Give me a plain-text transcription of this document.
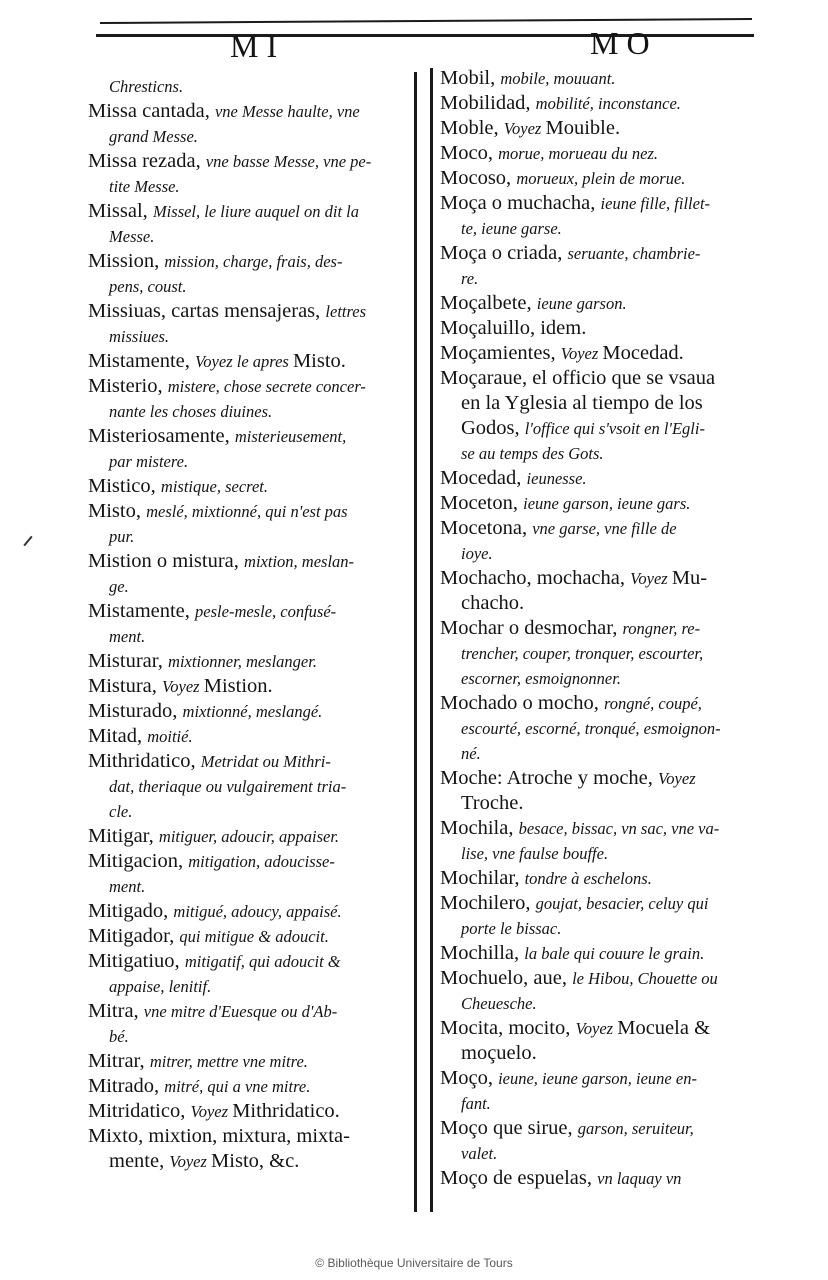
MI	MO
Chresticns.
Missa cantada, vne Messe haulte, vne
grand Messe.
Missa rezada, vne basse Messe, vne pe-
tite Messe.
Missal, Missel, le liure auquel on dit la
Messe.
Mission, mission, charge, frais, des-
pens, coust.
Missiuas, cartas mensajeras, lettres
missiues.
Mistamente, Voyez le apres Misto.
Misterio, mistere, chose secrete concer-
nante les choses diuines.
Misteriosamente, misterieusement,
par mistere.
Mistico, mistique, secret.
Misto, meslé, mixtionné, qui n'est pas
pur.
Mistion o mistura, mixtion, meslan-
ge.
Mistamente, pesle-mesle, confusé-
ment.
Misturar, mixtionner, meslanger.
Mistura, Voyez Mistion.
Misturado, mixtionné, meslangé.
Mitad, moitié.
Mithridatico, Metridat ou Mithri-
dat, theriaque ou vulgairement tria-
cle.
Mitigar, mitiguer, adoucir, appaiser.
Mitigacion, mitigation, adoucisse-
ment.
Mitigado, mitigué, adoucy, appaisé.
Mitigador, qui mitigue & adoucit.
Mitigatiuo, mitigatif, qui adoucit &
appaise, lenitif.
Mitra, vne mitre d'Euesque ou d'Ab-
bé.
Mitrar, mitrer, mettre vne mitre.
Mitrado, mitré, qui a vne mitre.
Mitridatico, Voyez Mithridatico.
Mixto, mixtion, mixtura, mixta-
mente, Voyez Misto, &c.
Mobil, mobile, mouuant.
Mobilidad, mobilité, inconstance.
Moble, Voyez Mouible.
Moco, morue, morueau du nez.
Mocoso, morueux, plein de morue.
Moça o muchacha, ieune fille, fillet-
te, ieune garse.
Moça o criada, seruante, chambrie-
re.
Moçalbete, ieune garson.
Moçaluillo, idem.
Moçamientes, Voyez Mocedad.
Moçaraue, el officio que se vsaua
en la Yglesia al tiempo de los
Godos, l'office qui s'vsoit en l'Egli-
se au temps des Gots.
Mocedad, ieunesse.
Moceton, ieune garson, ieune gars.
Mocetona, vne garse, vne fille de
ioye.
Mochacho, mochacha, Voyez Mu-
chacho.
Mochar o desmochar, rongner, re-
trencher, couper, tronquer, escourter,
escorner, esmoignonner.
Mochado o mocho, rongné, coupé,
escourté, escorné, tronqué, esmoignon-
né.
Moche: Atroche y moche, Voyez
Troche.
Mochila, besace, bissac, vn sac, vne va-
lise, vne faulse bouffe.
Mochilar, tondre à eschelons.
Mochilero, goujat, besacier, celuy qui
porte le bissac.
Mochilla, la bale qui couure le grain.
Mochuelo, aue, le Hibou, Chouette ou
Cheuesche.
Mocita, mocito, Voyez Mocuela &
moçuelo.
Moço, ieune, ieune garson, ieune en-
fant.
Moço que sirue, garson, seruiteur,
valet.
Moço de espuelas, vn laquay vn
© Bibliothèque Universitaire de Tours
